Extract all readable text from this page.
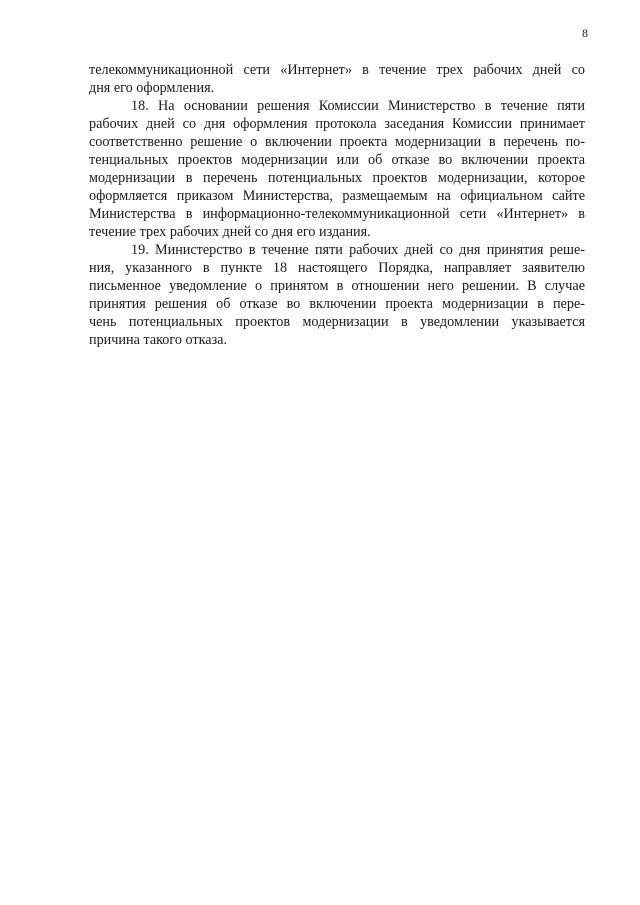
8
телекоммуникационной сети «Интернет» в течение трех рабочих дней со
дня его оформления.
18. На основании решения Комиссии Министерство в течение пяти
рабочих дней со дня оформления протокола заседания Комиссии принимает
соответственно решение о включении проекта модернизации в перечень по-
тенциальных проектов модернизации или об отказе во включении проекта
модернизации в перечень потенциальных проектов модернизации, которое
оформляется приказом Министерства, размещаемым на официальном сайте
Министерства в информационно-телекоммуникационной сети «Интернет» в
течение трех рабочих дней со дня его издания.
19. Министерство в течение пяти рабочих дней со дня принятия реше-
ния, указанного в пункте 18 настоящего Порядка, направляет заявителю
письменное уведомление о принятом в отношении него решении. В случае
принятия решения об отказе во включении проекта модернизации в пере-
чень потенциальных проектов модернизации в уведомлении указывается
причина такого отказа.
